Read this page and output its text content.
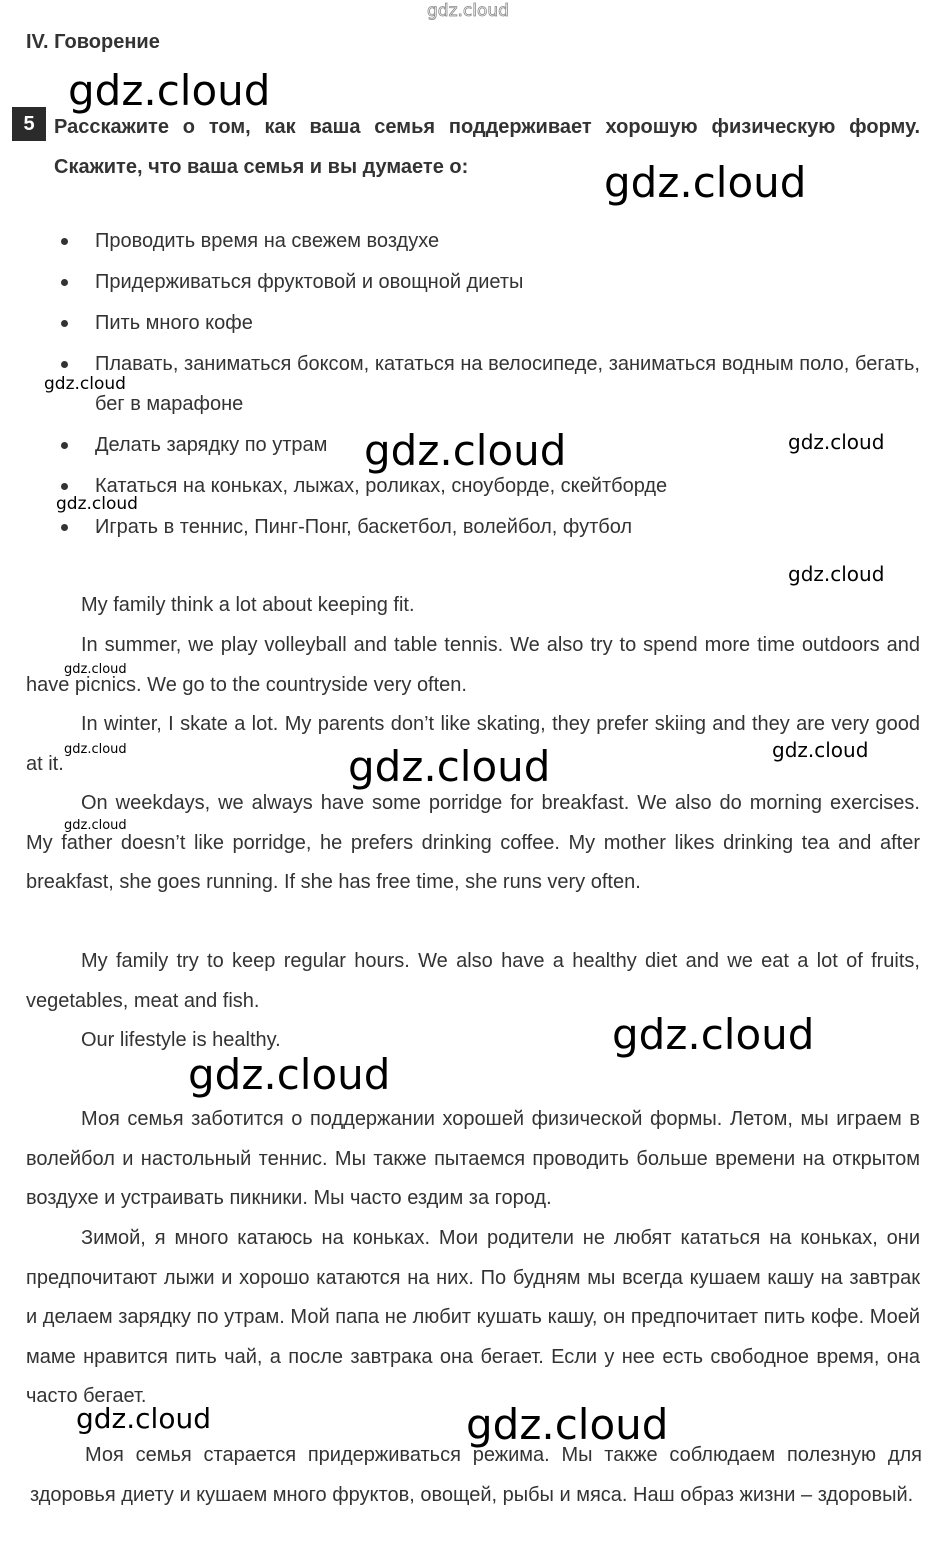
gdz.cloud
IV. Говорение
5 Расскажите о том, как ваша семья поддерживает хорошую физическую форму. Скажите, что ваша семья и вы думаете о:
Проводить время на свежем воздухе
Придерживаться фруктовой и овощной диеты
Пить много кофе
Плавать, заниматься боксом, кататься на велосипеде, заниматься водным поло, бегать, бег в марафоне
Делать зарядку по утрам
Кататься на коньках, лыжах, роликах, сноуборде, скейтборде
Играть в теннис, Пинг-Понг, баскетбол, волейбол, футбол
My family think a lot about keeping fit.
In summer, we play volleyball and table tennis. We also try to spend more time outdoors and have picnics. We go to the countryside very often.
In winter, I skate a lot. My parents don’t like skating, they prefer skiing and they are very good at it.
On weekdays, we always have some porridge for breakfast. We also do morning exercises. My father doesn’t like porridge, he prefers drinking coffee. My mother likes drinking tea and after breakfast, she goes running. If she has free time, she runs very often.
My family try to keep regular hours. We also have a healthy diet and we eat a lot of fruits, vegetables, meat and fish.
Our lifestyle is healthy.
Моя семья заботится о поддержании хорошей физической формы. Летом, мы играем в волейбол и настольный теннис. Мы также пытаемся проводить больше времени на открытом воздухе и устраивать пикники. Мы часто ездим за город.
Зимой, я много катаюсь на коньках. Мои родители не любят кататься на коньках, они предпочитают лыжи и хорошо катаются на них. По будням мы всегда кушаем кашу на завтрак и делаем зарядку по утрам. Мой папа не любит кушать кашу, он предпочитает пить кофе. Моей маме нравится пить чай, а после завтрака она бегает. Если у нее есть свободное время, она часто бегает.
Моя семья старается придерживаться режима. Мы также соблюдаем полезную для здоровья диету и кушаем много фруктов, овощей, рыбы и мяса. Наш образ жизни – здоровый.
gdz.cloud
gdz.cloud
gdz.cloud
gdz.cloud	gdz.cloud
gdz.cloud
gdz.cloud
gdz.cloud
gdz.cloud	gdz.cloud
gdz.cloud
gdz.cloud
gdz.cloud
gdz.cloud
gdz.cloud	gdz.cloud
